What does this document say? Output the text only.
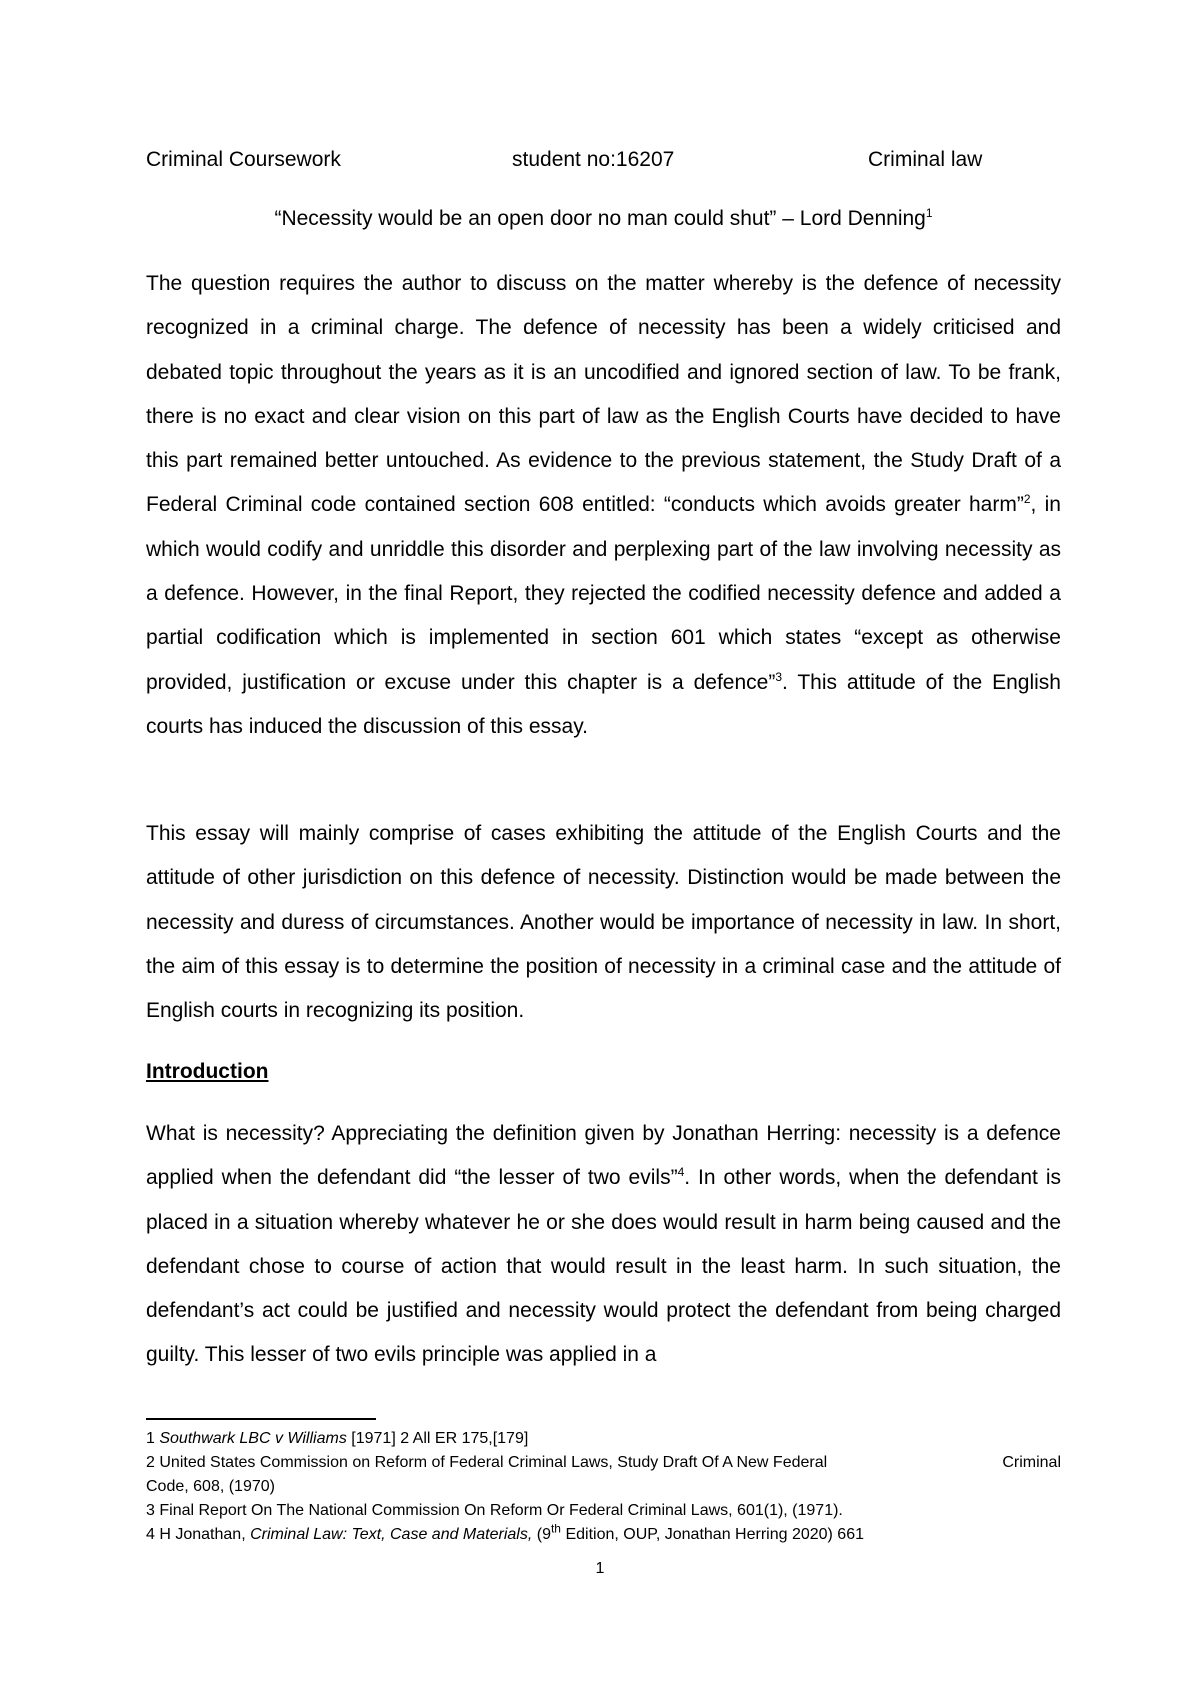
Criminal Coursework	student no:16207	Criminal law
“Necessity would be an open door no man could shut” – Lord Denning$^1$

The question requires the author to discuss on the matter whereby is the defence of necessity recognized in a criminal charge. The defence of necessity has been a widely criticised and debated topic throughout the years as it is an uncodified and ignored section of law. To be frank, there is no exact and clear vision on this part of law as the English Courts have decided to have this part remained better untouched. As evidence to the previous statement, the Study Draft of a Federal Criminal code contained section 608 entitled: “conducts which avoids greater harm”$^2$, in which would codify and unriddle this disorder and perplexing part of the law involving necessity as a defence. However, in the final Report, they rejected the codified necessity defence and added a partial codification which is implemented in section 601 which states “except as otherwise provided, justification or excuse under this chapter is a defence”$^3$. This attitude of the English courts has induced the discussion of this essay.

This essay will mainly comprise of cases exhibiting the attitude of the English Courts and the attitude of other jurisdiction on this defence of necessity. Distinction would be made between the necessity and duress of circumstances. Another would be importance of necessity in law. In short, the aim of this essay is to determine the position of necessity in a criminal case and the attitude of English courts in recognizing its position.

Introduction

What is necessity? Appreciating the definition given by Jonathan Herring: necessity is a defence applied when the defendant did “the lesser of two evils”$^4$. In other words, when the defendant is placed in a situation whereby whatever he or she does would result in harm being caused and the defendant chose to course of action that would result in the least harm. In such situation, the defendant’s act could be justified and necessity would protect the defendant from being charged guilty. This lesser of two evils principle was applied in a

1 Southwark LBC v Williams [1971] 2 All ER 175,[179]
2 United States Commission on Reform of Federal Criminal Laws, Study Draft Of A New Federal	Criminal

Code, 608, (1970)
3 Final Report On The National Commission On Reform Or Federal Criminal Laws, 601(1), (1971).
4 H Jonathan, Criminal Law: Text, Case and Materials, (9th Edition, OUP, Jonathan Herring 2020) 661
1
